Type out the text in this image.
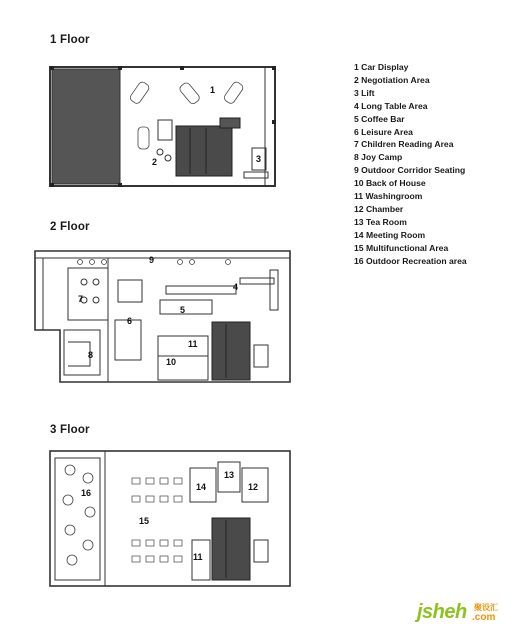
1 Floor
2 Floor
3 Floor
1
2	3
9
4
7
6
5
11
10
8
13
14	12
16
15
11
1 Car Display
2 Negotiation Area
3 Lift
4 Long Table Area
5 Coffee Bar
6 Leisure Area
7 Children Reading Area
8 Joy Camp
9 Outdoor Corridor Seating
10 Back of House
11 Washingroom
12 Chamber
13 Tea Room
14 Meeting Room
15 Multifunctional Area
16 Outdoor Recreation area
jsheh 聚设汇
.com
